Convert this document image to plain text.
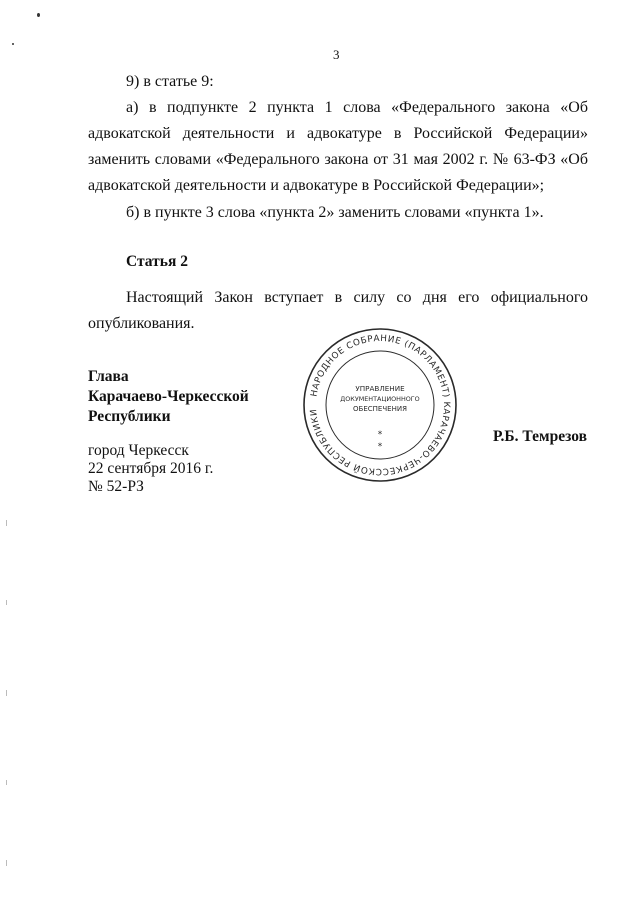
3

9) в статье 9:

а) в подпункте 2 пункта 1 слова «Федерального закона «Об адвокатской деятельности и адвокатуре в Российской Федерации» заменить словами «Федерального закона от 31 мая 2002 г. № 63-ФЗ «Об адвокатской деятельности и адвокатуре в Российской Федерации»;

б) в пункте 3 слова «пункта 2» заменить словами «пункта 1».

Статья 2

Настоящий Закон вступает в силу со дня его официального опубликования.

Глава
Карачаево-Черкесской
Республики
НАРОДНОЕ СОБРАНИЕ (ПАРЛАМЕНТ) КАРАЧАЕВО-ЧЕРКЕССКОЙ РЕСПУБЛИКИ
УПРАВЛЕНИЕ
ДОКУМЕНТАЦИОННОГО
ОБЕСПЕЧЕНИЯ
*
*
Р.Б. Темрезов
город Черкесск
22 сентября 2016 г.
№ 52-РЗ
